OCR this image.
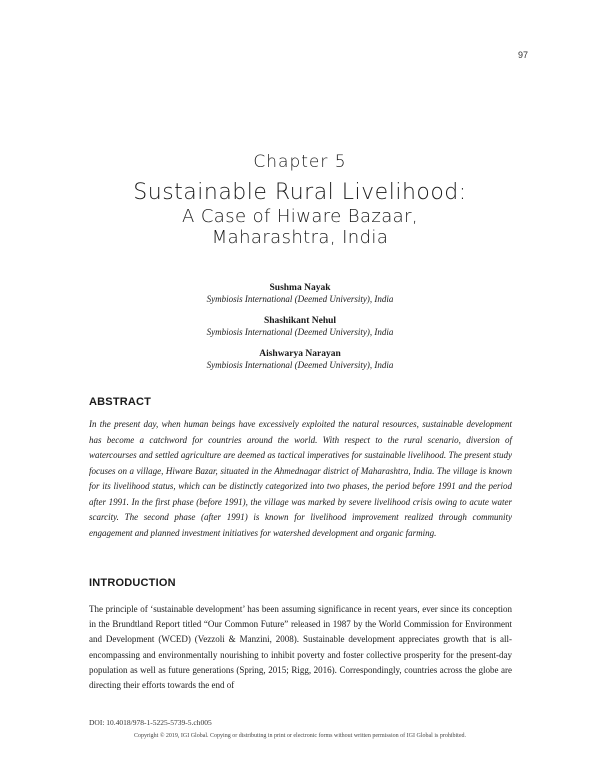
97
Chapter 5
Sustainable Rural Livelihood:
A Case of Hiware Bazaar,
Maharashtra, India
Sushma Nayak
Symbiosis International (Deemed University), India
Shashikant Nehul
Symbiosis International (Deemed University), India
Aishwarya Narayan
Symbiosis International (Deemed University), India
ABSTRACT
In the present day, when human beings have excessively exploited the natural resources, sustainable development has become a catchword for countries around the world. With respect to the rural scenario, diversion of watercourses and settled agriculture are deemed as tactical imperatives for sustainable livelihood. The present study focuses on a village, Hiware Bazar, situated in the Ahmednagar district of Maharashtra, India. The village is known for its livelihood status, which can be distinctly categorized into two phases, the period before 1991 and the period after 1991. In the first phase (before 1991), the village was marked by severe livelihood crisis owing to acute water scarcity. The second phase (after 1991) is known for livelihood improvement realized through community engagement and planned investment initiatives for watershed development and organic farming.
INTRODUCTION
The principle of ‘sustainable development’ has been assuming significance in recent years, ever since its conception in the Brundtland Report titled “Our Common Future” released in 1987 by the World Commission for Environment and Development (WCED) (Vezzoli & Manzini, 2008). Sustainable development appreciates growth that is all-encompassing and environmentally nourishing to inhibit poverty and foster collective prosperity for the present-day population as well as future generations (Spring, 2015; Rigg, 2016). Correspondingly, countries across the globe are directing their efforts towards the end of
DOI: 10.4018/978-1-5225-5739-5.ch005
Copyright © 2019, IGI Global. Copying or distributing in print or electronic forms without written permission of IGI Global is prohibited.
